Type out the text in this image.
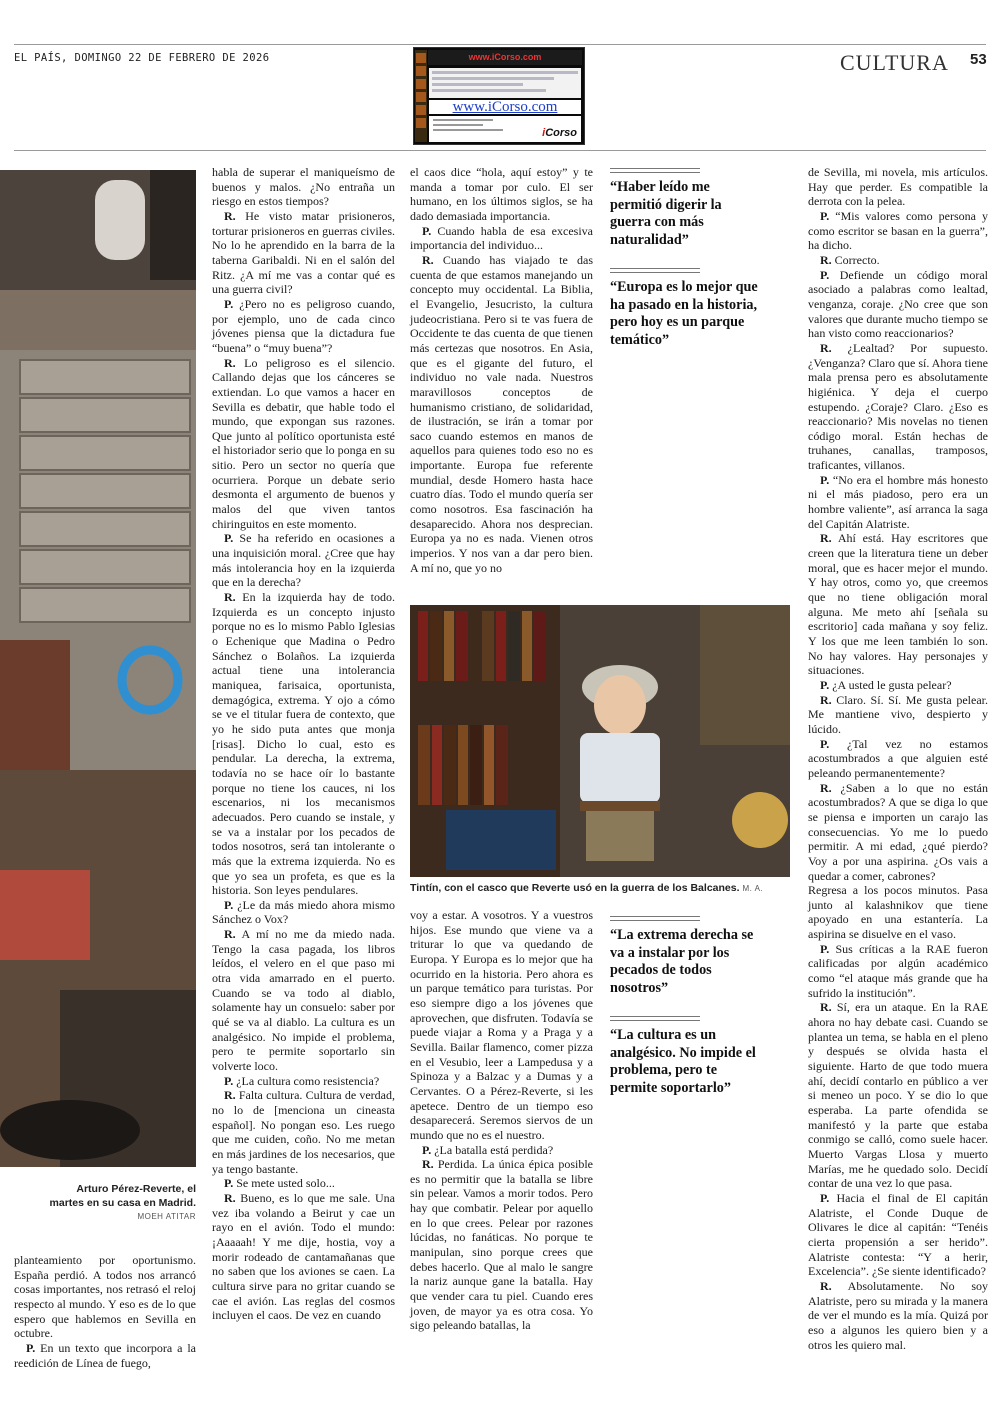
EL PAÍS, DOMINGO 22 DE FEBRERO DE 2026	CULTURA 53
www.iCorso.com
www.iCorso.com
iCorso
Arturo Pérez-Reverte, el martes en su casa en Madrid. MOEH ATITAR

planteamiento por oportunismo. España perdió. A todos nos arrancó cosas importantes, nos retrasó el reloj respecto al mundo. Y eso es de lo que espero que hablemos en Sevilla en octubre.

P. En un texto que incorpora a la reedición de Línea de fuego,

habla de superar el maniqueísmo de buenos y malos. ¿No entraña un riesgo en estos tiempos?

R. He visto matar prisioneros, torturar prisioneros en guerras civiles. No lo he aprendido en la barra de la taberna Garibaldi. Ni en el salón del Ritz. ¿A mí me vas a contar qué es una guerra civil?

P. ¿Pero no es peligroso cuando, por ejemplo, uno de cada cinco jóvenes piensa que la dictadura fue “buena” o “muy buena”?

R. Lo peligroso es el silencio. Callando dejas que los cánceres se extiendan. Lo que vamos a hacer en Sevilla es debatir, que hable todo el mundo, que expongan sus razones. Que junto al político oportunista esté el historiador serio que lo ponga en su sitio. Pero un sector no quería que ocurriera. Porque un debate serio desmonta el argumento de buenos y malos del que viven tantos chiringuitos en este momento.

P. Se ha referido en ocasiones a una inquisición moral. ¿Cree que hay más intolerancia hoy en la izquierda que en la derecha?

R. En la izquierda hay de todo. Izquierda es un concepto injusto porque no es lo mismo Pablo Iglesias o Echenique que Madina o Pedro Sánchez o Bolaños. La izquierda actual tiene una intolerancia maniquea, farisaica, oportunista, demagógica, extrema. Y ojo a cómo se ve el titular fuera de contexto, que yo he sido puta antes que monja [risas]. Dicho lo cual, esto es pendular. La derecha, la extrema, todavía no se hace oír lo bastante porque no tiene los cauces, ni los escenarios, ni los mecanismos adecuados. Pero cuando se instale, y se va a instalar por los pecados de todos nosotros, será tan intolerante o más que la extrema izquierda. No es que yo sea un profeta, es que es la historia. Son leyes pendulares.

P. ¿Le da más miedo ahora mismo Sánchez o Vox?

R. A mí no me da miedo nada. Tengo la casa pagada, los libros leídos, el velero en el que paso mi otra vida amarrado en el puerto. Cuando se va todo al diablo, solamente hay un consuelo: saber por qué se va al diablo. La cultura es un analgésico. No impide el problema, pero te permite soportarlo sin volverte loco.

P. ¿La cultura como resistencia?

R. Falta cultura. Cultura de verdad, no lo de [menciona un cineasta español]. No pongan eso. Les ruego que me cuiden, coño. No me metan en más jardines de los necesarios, que ya tengo bastante.

P. Se mete usted solo...

R. Bueno, es lo que me sale. Una vez iba volando a Beirut y cae un rayo en el avión. Todo el mundo: ¡Aaaaah! Y me dije, hostia, voy a morir rodeado de cantamañanas que no saben que los aviones se caen. La cultura sirve para no gritar cuando se cae el avión. Las reglas del cosmos incluyen el caos. De vez en cuando

el caos dice “hola, aquí estoy” y te manda a tomar por culo. El ser humano, en los últimos siglos, se ha dado demasiada importancia.

P. Cuando habla de esa excesiva importancia del individuo...

R. Cuando has viajado te das cuenta de que estamos manejando un concepto muy occidental. La Biblia, el Evangelio, Jesucristo, la cultura judeocristiana. Pero si te vas fuera de Occidente te das cuenta de que tienen más certezas que nosotros. En Asia, que es el gigante del futuro, el individuo no vale nada. Nuestros maravillosos conceptos de humanismo cristiano, de solidaridad, de ilustración, se irán a tomar por saco cuando estemos en manos de aquellos para quienes todo eso no es importante. Europa fue referente mundial, desde Homero hasta hace cuatro días. Todo el mundo quería ser como nosotros. Esa fascinación ha desaparecido. Ahora nos desprecian. Europa ya no es nada. Vienen otros imperios. Y nos van a dar pero bien. A mí no, que yo no

Tintín, con el casco que Reverte usó en la guerra de los Balcanes. M. A.

voy a estar. A vosotros. Y a vuestros hijos. Ese mundo que viene va a triturar lo que va quedando de Europa. Y Europa es lo mejor que ha ocurrido en la historia. Pero ahora es un parque temático para turistas. Por eso siempre digo a los jóvenes que aprovechen, que disfruten. Todavía se puede viajar a Roma y a Praga y a Sevilla. Bailar flamenco, comer pizza en el Vesubio, leer a Lampedusa y a Spinoza y a Balzac y a Dumas y a Cervantes. O a Pérez-Reverte, si les apetece. Dentro de un tiempo eso desaparecerá. Seremos siervos de un mundo que no es el nuestro.

P. ¿La batalla está perdida?

R. Perdida. La única épica posible es no permitir que la batalla se libre sin pelear. Vamos a morir todos. Pero hay que combatir. Pelear por aquello en lo que crees. Pelear por razones lúcidas, no fanáticas. No porque te manipulan, sino porque crees que debes hacerlo. Que al malo le sangre la nariz aunque gane la batalla. Hay que vender cara tu piel. Cuando eres joven, de mayor ya es otra cosa. Yo sigo peleando batallas, la

“Haber leído me permitió digerir la guerra con más naturalidad”
“Europa es lo mejor que ha pasado en la historia, pero hoy es un parque temático”
“La extrema derecha se va a instalar por los pecados de todos nosotros”
“La cultura es un analgésico. No impide el problema, pero te permite soportarlo”

de Sevilla, mi novela, mis artículos. Hay que perder. Es compatible la derrota con la pelea.

P. “Mis valores como persona y como escritor se basan en la guerra”, ha dicho.

R. Correcto.

P. Defiende un código moral asociado a palabras como lealtad, venganza, coraje. ¿No cree que son valores que durante mucho tiempo se han visto como reaccionarios?

R. ¿Lealtad? Por supuesto. ¿Venganza? Claro que sí. Ahora tiene mala prensa pero es absolutamente higiénica. Y deja el cuerpo estupendo. ¿Coraje? Claro. ¿Eso es reaccionario? Mis novelas no tienen código moral. Están hechas de truhanes, canallas, tramposos, traficantes, villanos.

P. “No era el hombre más honesto ni el más piadoso, pero era un hombre valiente”, así arranca la saga del Capitán Alatriste.

R. Ahí está. Hay escritores que creen que la literatura tiene un deber moral, que es hacer mejor el mundo. Y hay otros, como yo, que creemos que no tiene obligación moral alguna. Me meto ahí [señala su escritorio] cada mañana y soy feliz. Y los que me leen también lo son. No hay valores. Hay personajes y situaciones.

P. ¿A usted le gusta pelear?

R. Claro. Sí. Sí. Me gusta pelear. Me mantiene vivo, despierto y lúcido.

P. ¿Tal vez no estamos acostumbrados a que alguien esté peleando permanentemente?

R. ¿Saben a lo que no están acostumbrados? A que se diga lo que se piensa e importen un carajo las consecuencias. Yo me lo puedo permitir. A mi edad, ¿qué pierdo? Voy a por una aspirina. ¿Os vais a quedar a comer, cabrones?

Regresa a los pocos minutos. Pasa junto al kalashnikov que tiene apoyado en una estantería. La aspirina se disuelve en el vaso.

P. Sus críticas a la RAE fueron calificadas por algún académico como “el ataque más grande que ha sufrido la institución”.

R. Sí, era un ataque. En la RAE ahora no hay debate casi. Cuando se plantea un tema, se habla en el pleno y después se olvida hasta el siguiente. Harto de que todo muera ahí, decidí contarlo en público a ver si meneo un poco. Y se dio lo que esperaba. La parte ofendida se manifestó y la parte que estaba conmigo se calló, como suele hacer. Muerto Vargas Llosa y muerto Marías, me he quedado solo. Decidí contar de una vez lo que pasa.

P. Hacia el final de El capitán Alatriste, el Conde Duque de Olivares le dice al capitán: “Tenéis cierta propensión a ser herido”. Alatriste contesta: “Y a herir, Excelencia”. ¿Se siente identificado?

R. Absolutamente. No soy Alatriste, pero su mirada y la manera de ver el mundo es la mía. Quizá por eso a algunos les quiero bien y a otros les quiero mal.
